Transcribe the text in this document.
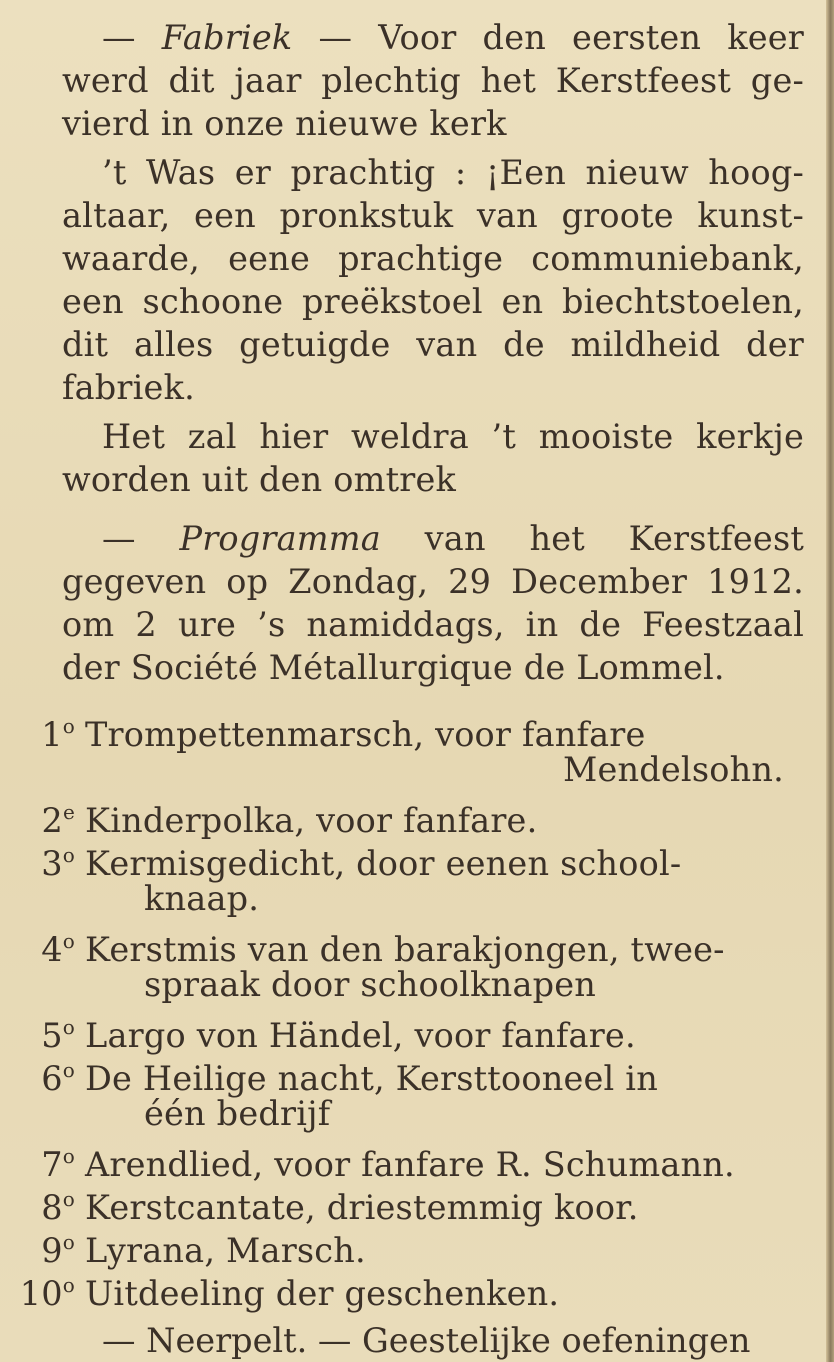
— Fabriek — Voor den eersten keer
werd dit jaar plechtig het Kerstfeest ge-
vierd in onze nieuwe kerk
’t Was er prachtig : ¡Een nieuw hoog-
altaar, een pronkstuk van groote kunst-
waarde, eene prachtige communiebank,
een schoone preëkstoel en biechtstoelen,
dit alles getuigde van de mildheid der
fabriek.
Het zal hier weldra ’t mooiste kerkje
worden uit den omtrek
— Programma van het Kerstfeest
gegeven op Zondag, 29 December 1912.
om 2 ure ’s namiddags, in de Feestzaal
der Société Métallurgique de Lommel.
1$^o$ Trompettenmarsch, voor fanfare
Mendelsohn.
2e Kinderpolka, voor fanfare.
3$^o$ Kermisgedicht, door eenen school-
knaap.
4$^o$ Kerstmis van den barakjongen, twee-
spraak door schoolknapen
5$^o$ Largo von Händel, voor fanfare.
6$^o$ De Heilige nacht, Kersttooneel in
één bedrijf
7$^o$ Arendlied, voor fanfare R. Schumann.
8$^o$ Kerstcantate, driestemmig koor.
9$^o$ Lyrana, Marsch.
10$^o$ Uitdeeling der geschenken.
— Neerpelt. — Geestelijke oefeningen
